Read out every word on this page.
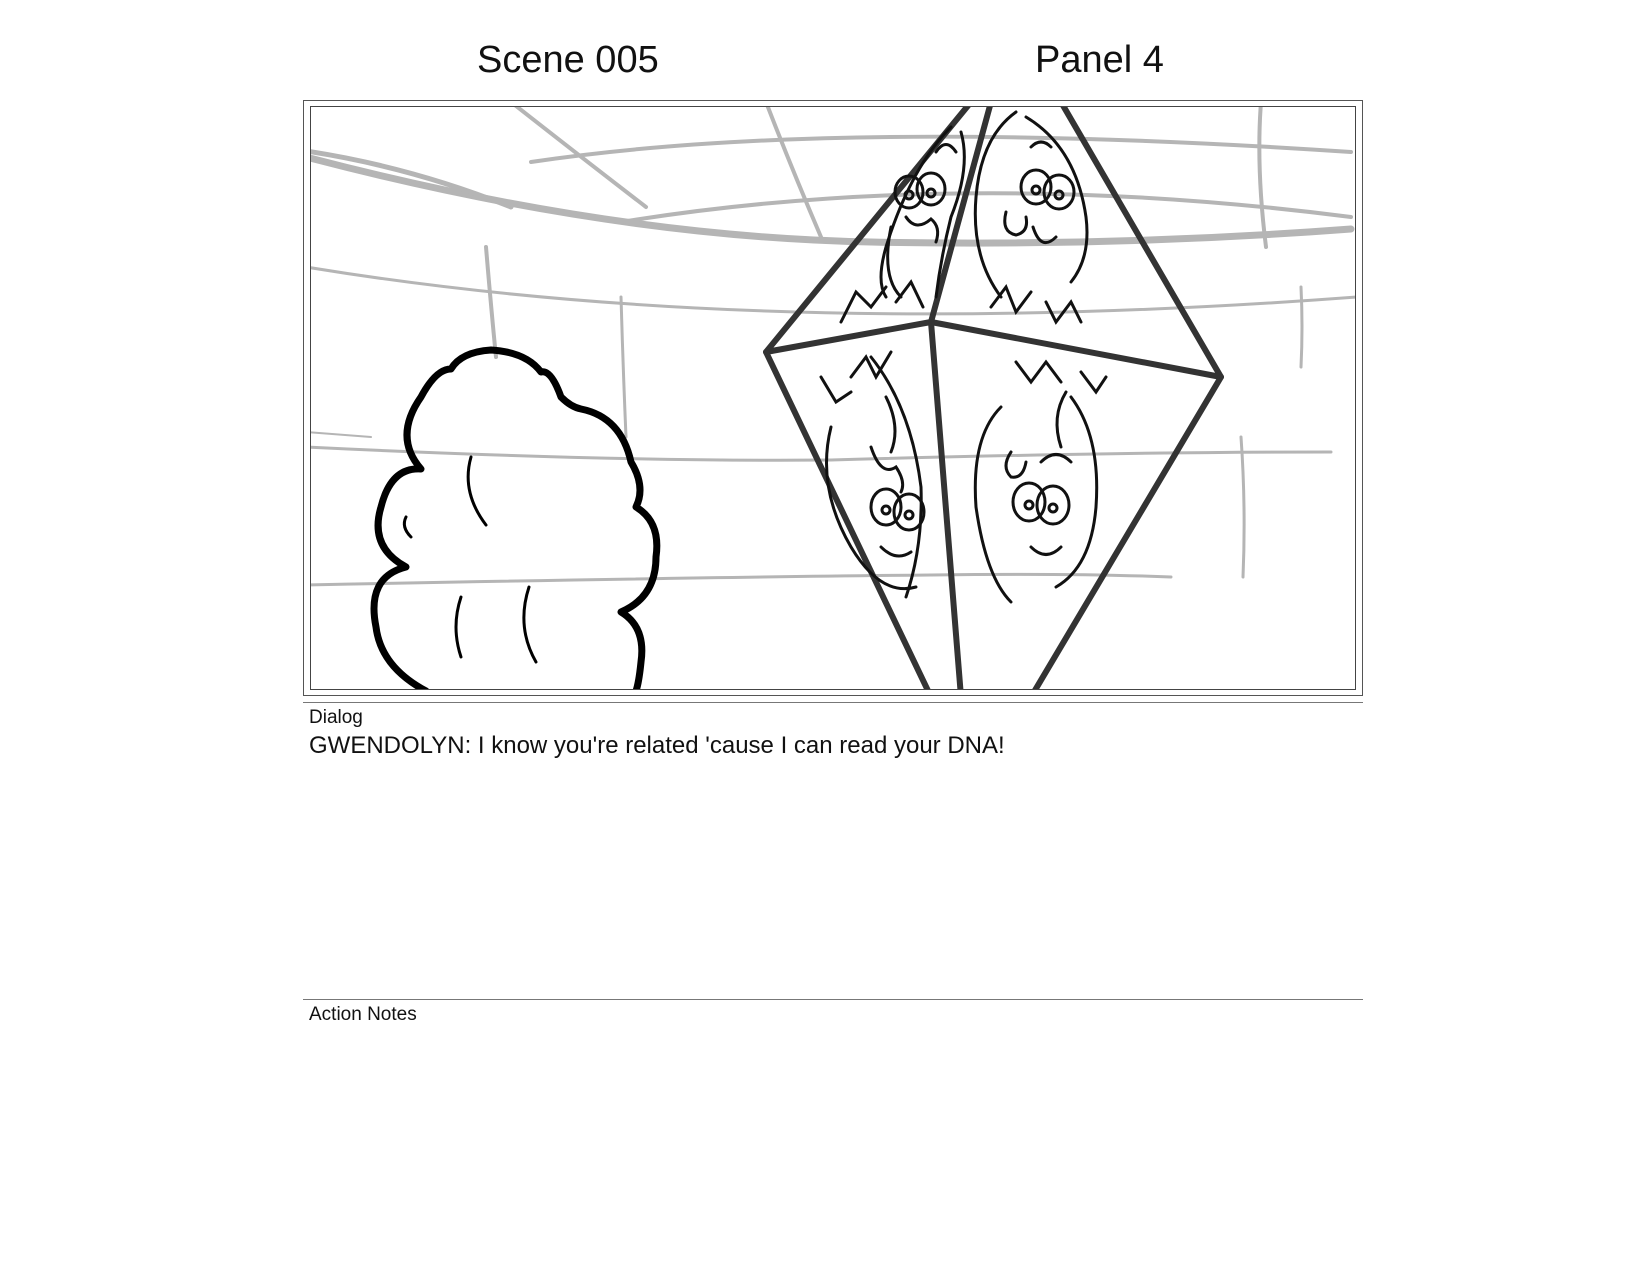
Scene 005	Panel 4
Dialog
GWENDOLYN: I know you're related 'cause I can read your DNA!
Action Notes
